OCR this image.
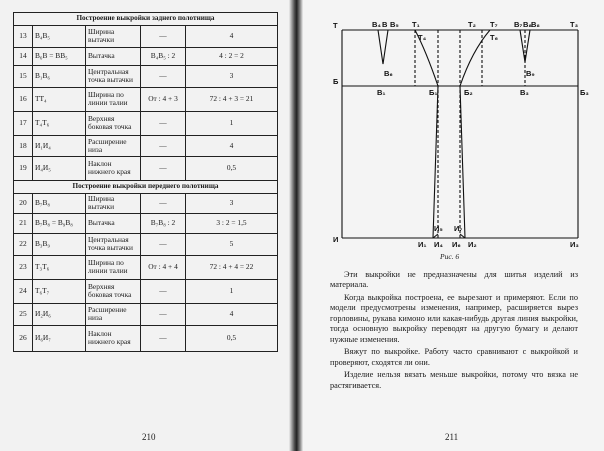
Построение выкройки заднего полотнища				
13	В₄В₅	Ширина вытачки	—	4
14	В₆В = ВВ₅	Вытачка	В₄В₅ : 2	4 : 2 = 2
15	В₁В₆	Центральная точка вытачки	—	3
16	ТТ₄	Ширина по линии талии	От : 4 + 3	72 : 4 + 3 = 21
17	Т₄Т₆	Верхняя боковая точка	—	1
18	И₁И₄	Расширение низа	—	4
19	И₄И₅	Наклон нижнего края	—	0,5
Построение выкройки переднего полотнища				
20	В₇В₈	Ширина вытачки	—	3
21	В₇В₈ = В₉В₈	Вытачка	В₇В₈ : 2	3 : 2 = 1,5
22	В₃В₉	Центральная точка вытачки	—	5
23	Т₃Т₆	Ширина по линии талии	От : 4 + 4	72 : 4 + 4 = 22
24	Т₆Т₇	Верхняя боковая точка	—	1
25	И₂И₆	Расширение низа	—	4
26	И₆И₇	Наклон нижнего края	—	0,5
210
Т	В₄ В В₅ Т₁
Т₄
Т₂ Т₇
Т₆
В₇ В₈ В₈	Т₃
В₆	В₉
Б
В₁	Б₁	Б₂	В₃	Б₃
И
И₅
И₁ И₄ И₆ И₂	И₃
И₇
Рис. 6

Эти выкройки не предназначены для шитья изделий из материала.

Когда выкройка построена, ее вырезают и примеряют. Если по модели предусмотрены изменения, например, расширяется вырез горловины, рукава кимоно или какая-нибудь другая линия выкройки, тогда основную выкройку переводят на другую бумагу и делают нужные изменения.

Вяжут по выкройке. Работу часто сравнивают с выкройкой и проверяют, сходятся ли они.

Изделие нельзя вязать меньше выкройки, потому что вязка не растягивается.

211
